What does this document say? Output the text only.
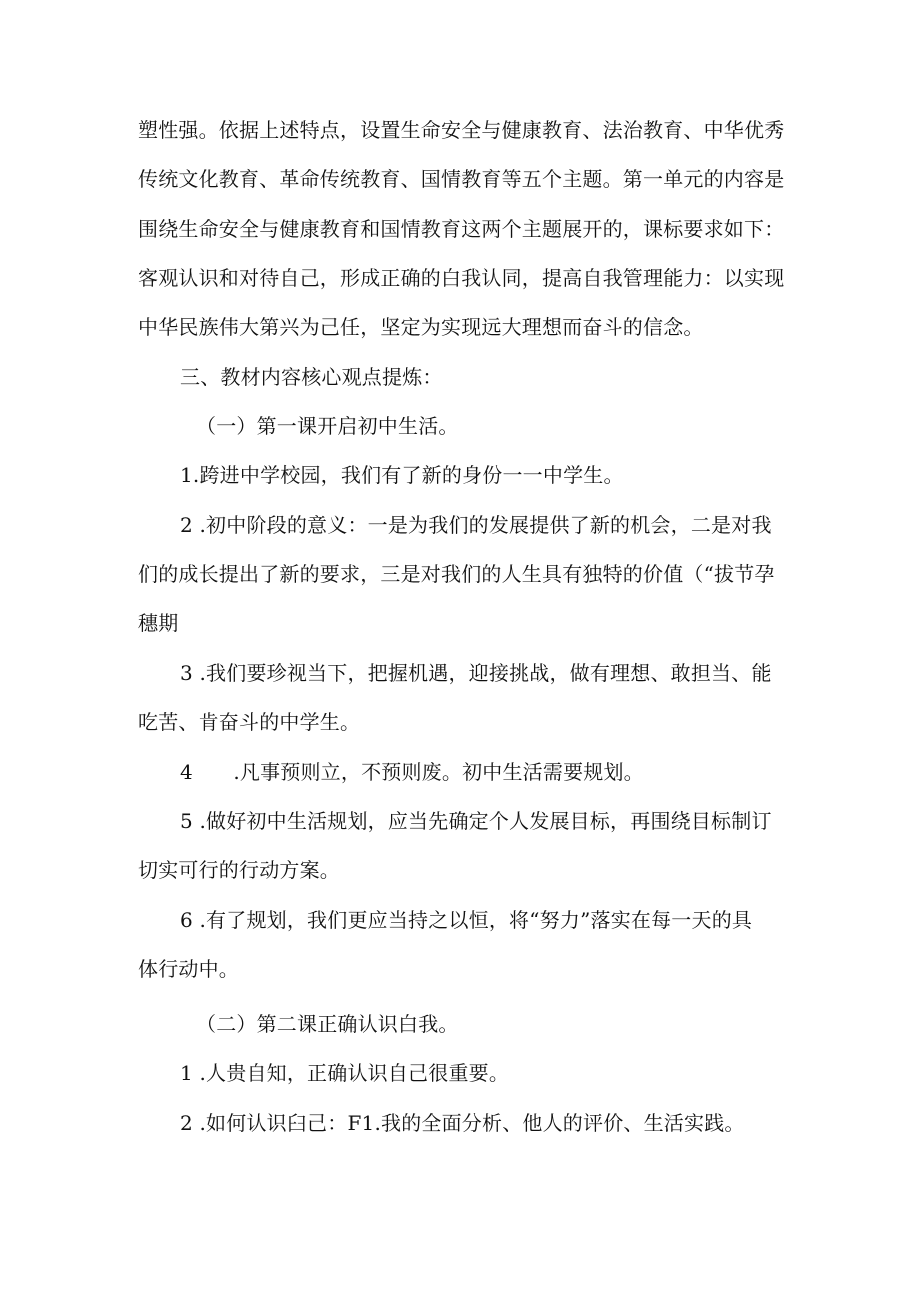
塑性强。依据上述特点，设置生命安全与健康教育、法治教育、中华优秀
传统文化教育、革命传统教育、国情教育等五个主题。第一单元的内容是
围绕生命安全与健康教育和国情教育这两个主题展开的，课标要求如下：
客观认识和对待自己，形成正确的白我认同，提高自我管理能力：以实现
中华民族伟大第兴为己任，坚定为实现远大理想而奋斗的信念。
三、教材内容核心观点提炼：
（一）第一课开启初中生活。
1.跨进中学校园，我们有了新的身份一一中学生。
2 .初中阶段的意义：一是为我们的发展提供了新的机会，二是对我
们的成长提出了新的要求，三是对我们的人生具有独特的价值（“拔节孕
穗期
3 .我们要珍视当下，把握机遇，迎接挑战，做有理想、敢担当、能
吃苦、肯奋斗的中学生。
4　　.凡事预则立，不预则废。初中生活需要规划。
5 .做好初中生活规划，应当先确定个人发展目标，再围绕目标制订
切实可行的行动方案。
6 .有了规划，我们更应当持之以恒，将“努力”落实在每一天的具
体行动中。
（二）第二课正确认识白我。
1 .人贵自知，正确认识自己很重要。
2 .如何认识臼己：F1.我的全面分析、他人的评价、生活实践。
